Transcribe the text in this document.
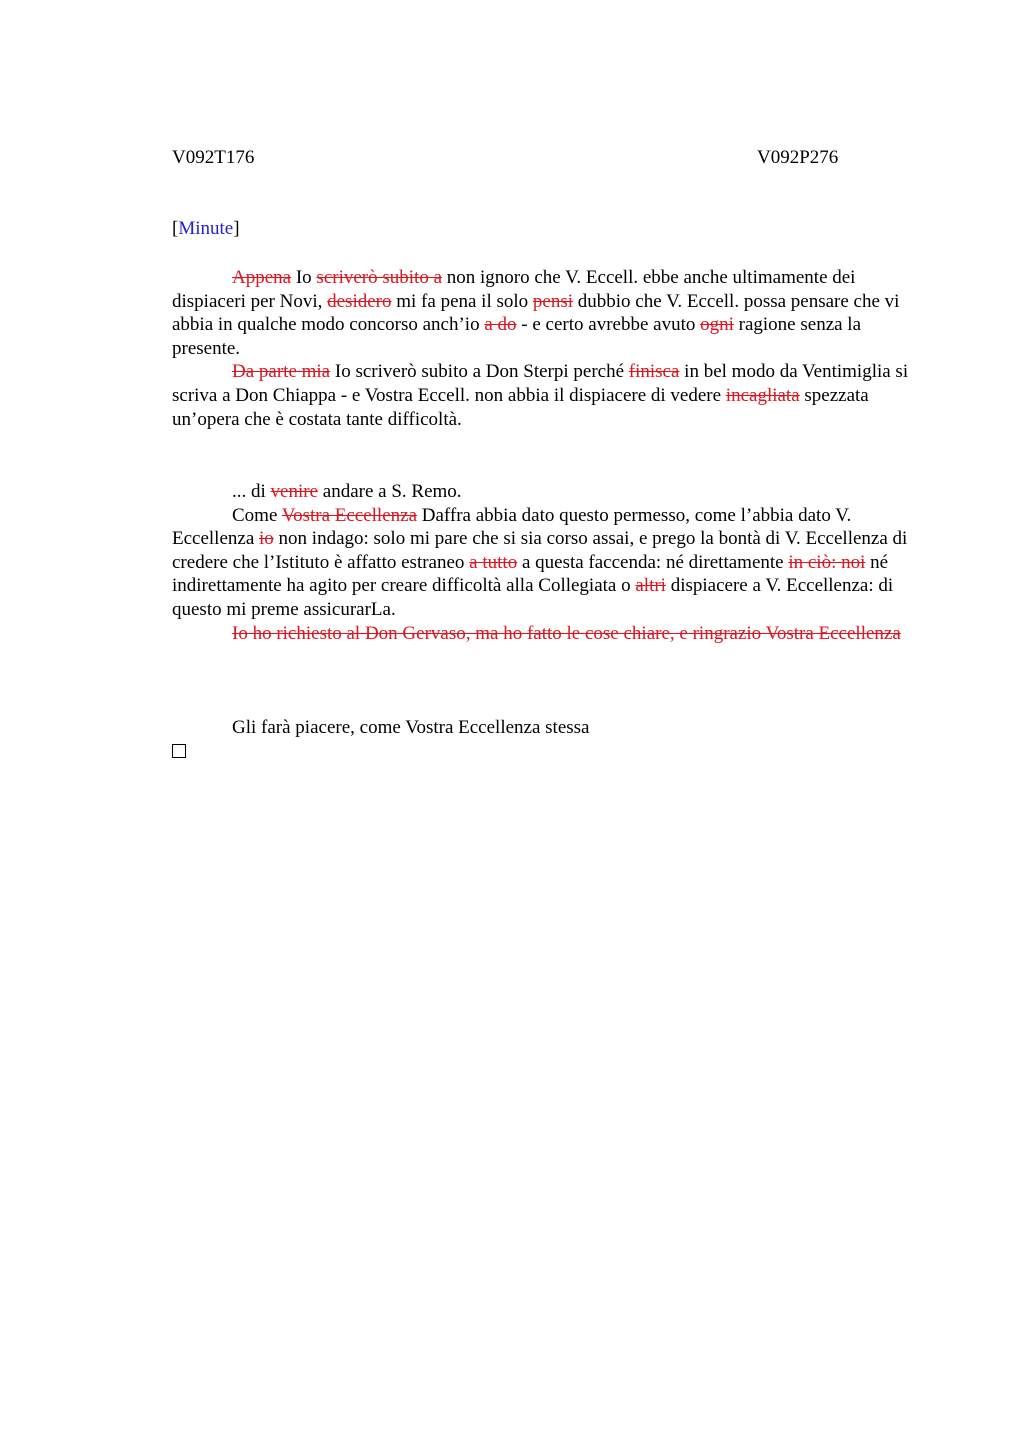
V092T176	V092P276
[Minute]

Appena Io scriverò subito a non ignoro che V. Eccell. ebbe anche ultimamente dei dispiaceri per Novi, desidero mi fa pena il solo pensi dubbio che V. Eccell. possa pensare che vi abbia in qualche modo concorso anch’io a do - e certo avrebbe avuto ogni ragione senza la presente.

Da parte mia Io scriverò subito a Don Sterpi perché finisca in bel modo da Ventimiglia si scriva a Don Chiappa - e Vostra Eccell. non abbia il dispiacere di vedere incagliata spezzata un’opera che è costata tante difficoltà.

... di venire andare a S. Remo.

Come Vostra Eccellenza Daffra abbia dato questo permesso, come l’abbia dato V. Eccellenza io non indago: solo mi pare che si sia corso assai, e prego la bontà di V. Eccellenza di credere che l’Istituto è affatto estraneo a tutto a questa faccenda: né direttamente in ciò: noi né indirettamente ha agito per creare difficoltà alla Collegiata o altri dispiacere a V. Eccellenza: di questo mi preme assicurarLa.

Io ho richiesto al Don Gervaso, ma ho fatto le cose chiare, e ringrazio Vostra Eccellenza

Gli farà piacere, come Vostra Eccellenza stessa
